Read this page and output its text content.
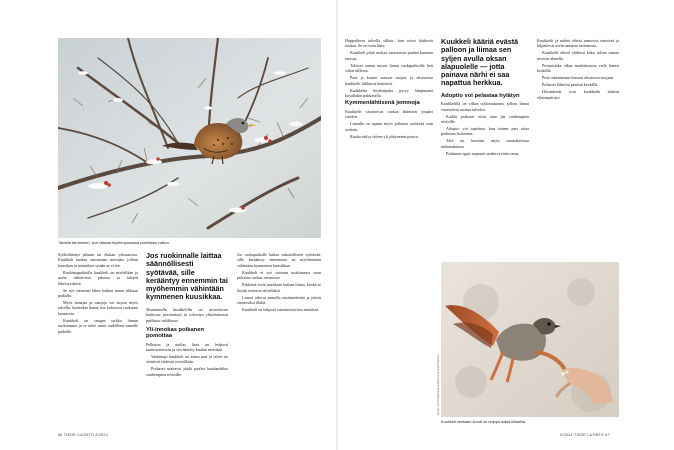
Talvella tarhoneen, kun rakkaa höyhenpuvussa pörhöisen pallon.

Syöksähtänyt pihaan tai elukan yökuusessa. Kuukkeli kuuluu ainoastaan metsään, jolloin kuusikon ja männikön sisään se ei tee.

Ruokintapaikoilla kuukkeli on mielellään ja usein nähtävissä pihassa ja talojen läheisyydessä.

Se syö siemenet lähes kaiken muun rikkaan paikalla.

Myös hunajaa ja marjoja voi tarjota myös talvella, kuitenkin linnut itse kokoavat ruokansa luonnosta.

Kuukkeli on sangen tarkka linnun ruokinnasta ja se tulee usein uudelleen samalle paikalle.

Jos ruokinnalle laittaa säännöllisesti syötävää, sille kerääntyy ennemmin tai myöhemmin vähintään kymmenen kuusikkaa.
Muutamalla kuukkelilla on tavoitteena kaikessa pesinnässä ja talvensa ylittämisessä pakkuna talikkona.
Yli-innokas poikanen pomottaa

Pelkoton ja utelias lintu on helposti tunnistettavissa ja sen ääntely kuuluu metsästä.

Vanhempi kuukkeli on ainoa pari ja talvet ne viettävät yhdessä reviirillään.

Poikaset saattavat jäädä pariksi kuukaudeksi vanhempien reviirille.

Jos ruokapaikalle laittaa säännöllisesti syötävää, sille kerääntyy ennemmin tai myöhemmin vähintään kymmenen kuusikkaa.

Kuukkeli ei syö suoraan ruokinnasta vaan piilottaa ruokaa varastoon.

Pakkaset eivät juurikaan haittaa lintua, koska se löytää ravintoa talvellakin.

Linnut tulevat aamulla ensimmäisinä ja jäävät viimeisiksi illalla.

Kuukkeli on helposti tunnistettavissa metsässä.

56 TIEDE LUONTO 2/2024

Happailevat talvella silloin, kun toiset kätkevät ruokaa. Se on tuttu lintu.

Kuukkeli pitää ruokaa varastoissa puiden kaarnan raoissa.

Talviset aamut tuovat linnut ruokapaikoille heti valon tullessa.

Puut ja kuuset antavat suojaa, ja oksistossa kuukkelit liikkuvat ketterästi.

Kuukkelin höyhenpuku pysyy lämpimänä kovallakin pakkasella.

Kymmenlähtisenä jemmoja

Kuukkelit varastoivat ruokaa ahkerasti ympäri vuoden.

Linnulla on tapana myös piilottaa syötävää vain osittain.

Ruoka säilyy talven yli jäätyneenä puissa.

Kuukkeli kääriä evästä palloon ja liimaa sen syljen avulla oksan alapuolelle — jotta painava närhi ei saa napattua herkkua.
Adoptio voi pelastaa hylätyn

Kuukkelillä on vilkas sylkirauhanen, jolloin linnut varastoivat ruokaa talveksi.

Kaikki poikaset eivät aina jää vanhempien reviirille.

Adoptio voi tapahtua, kun toinen pari ottaa poikasen hoitoonsa.

Tätä on havaittu myös suomalaisissa tutkimuksissa.

Poikanen oppii nopeasti uuden reviirin tavat.

Kuukkelit ja närhet elävät samoissa metsissä ja kilpailevat usein samasta ravinnosta.

Kuukkelit elävät yhdessä koko talven saman reviirin alueella.

Pesimisaika alkaa maaliskuussa vielä lumen keskellä.

Pesä rakennetaan kuusen oksistoon suojaan.

Poikaset lähtevät pesästä keväällä.

Havumetsät ovat kuukkelin tärkein elinympäristö.

Kuvat: Jani Korhonen/Luontokuva ja Antti Piirainen
Kuukkeli venkaan koodi on helppo isäsä kiikarilla.
2/2024 TIEDE LUONTO 57
